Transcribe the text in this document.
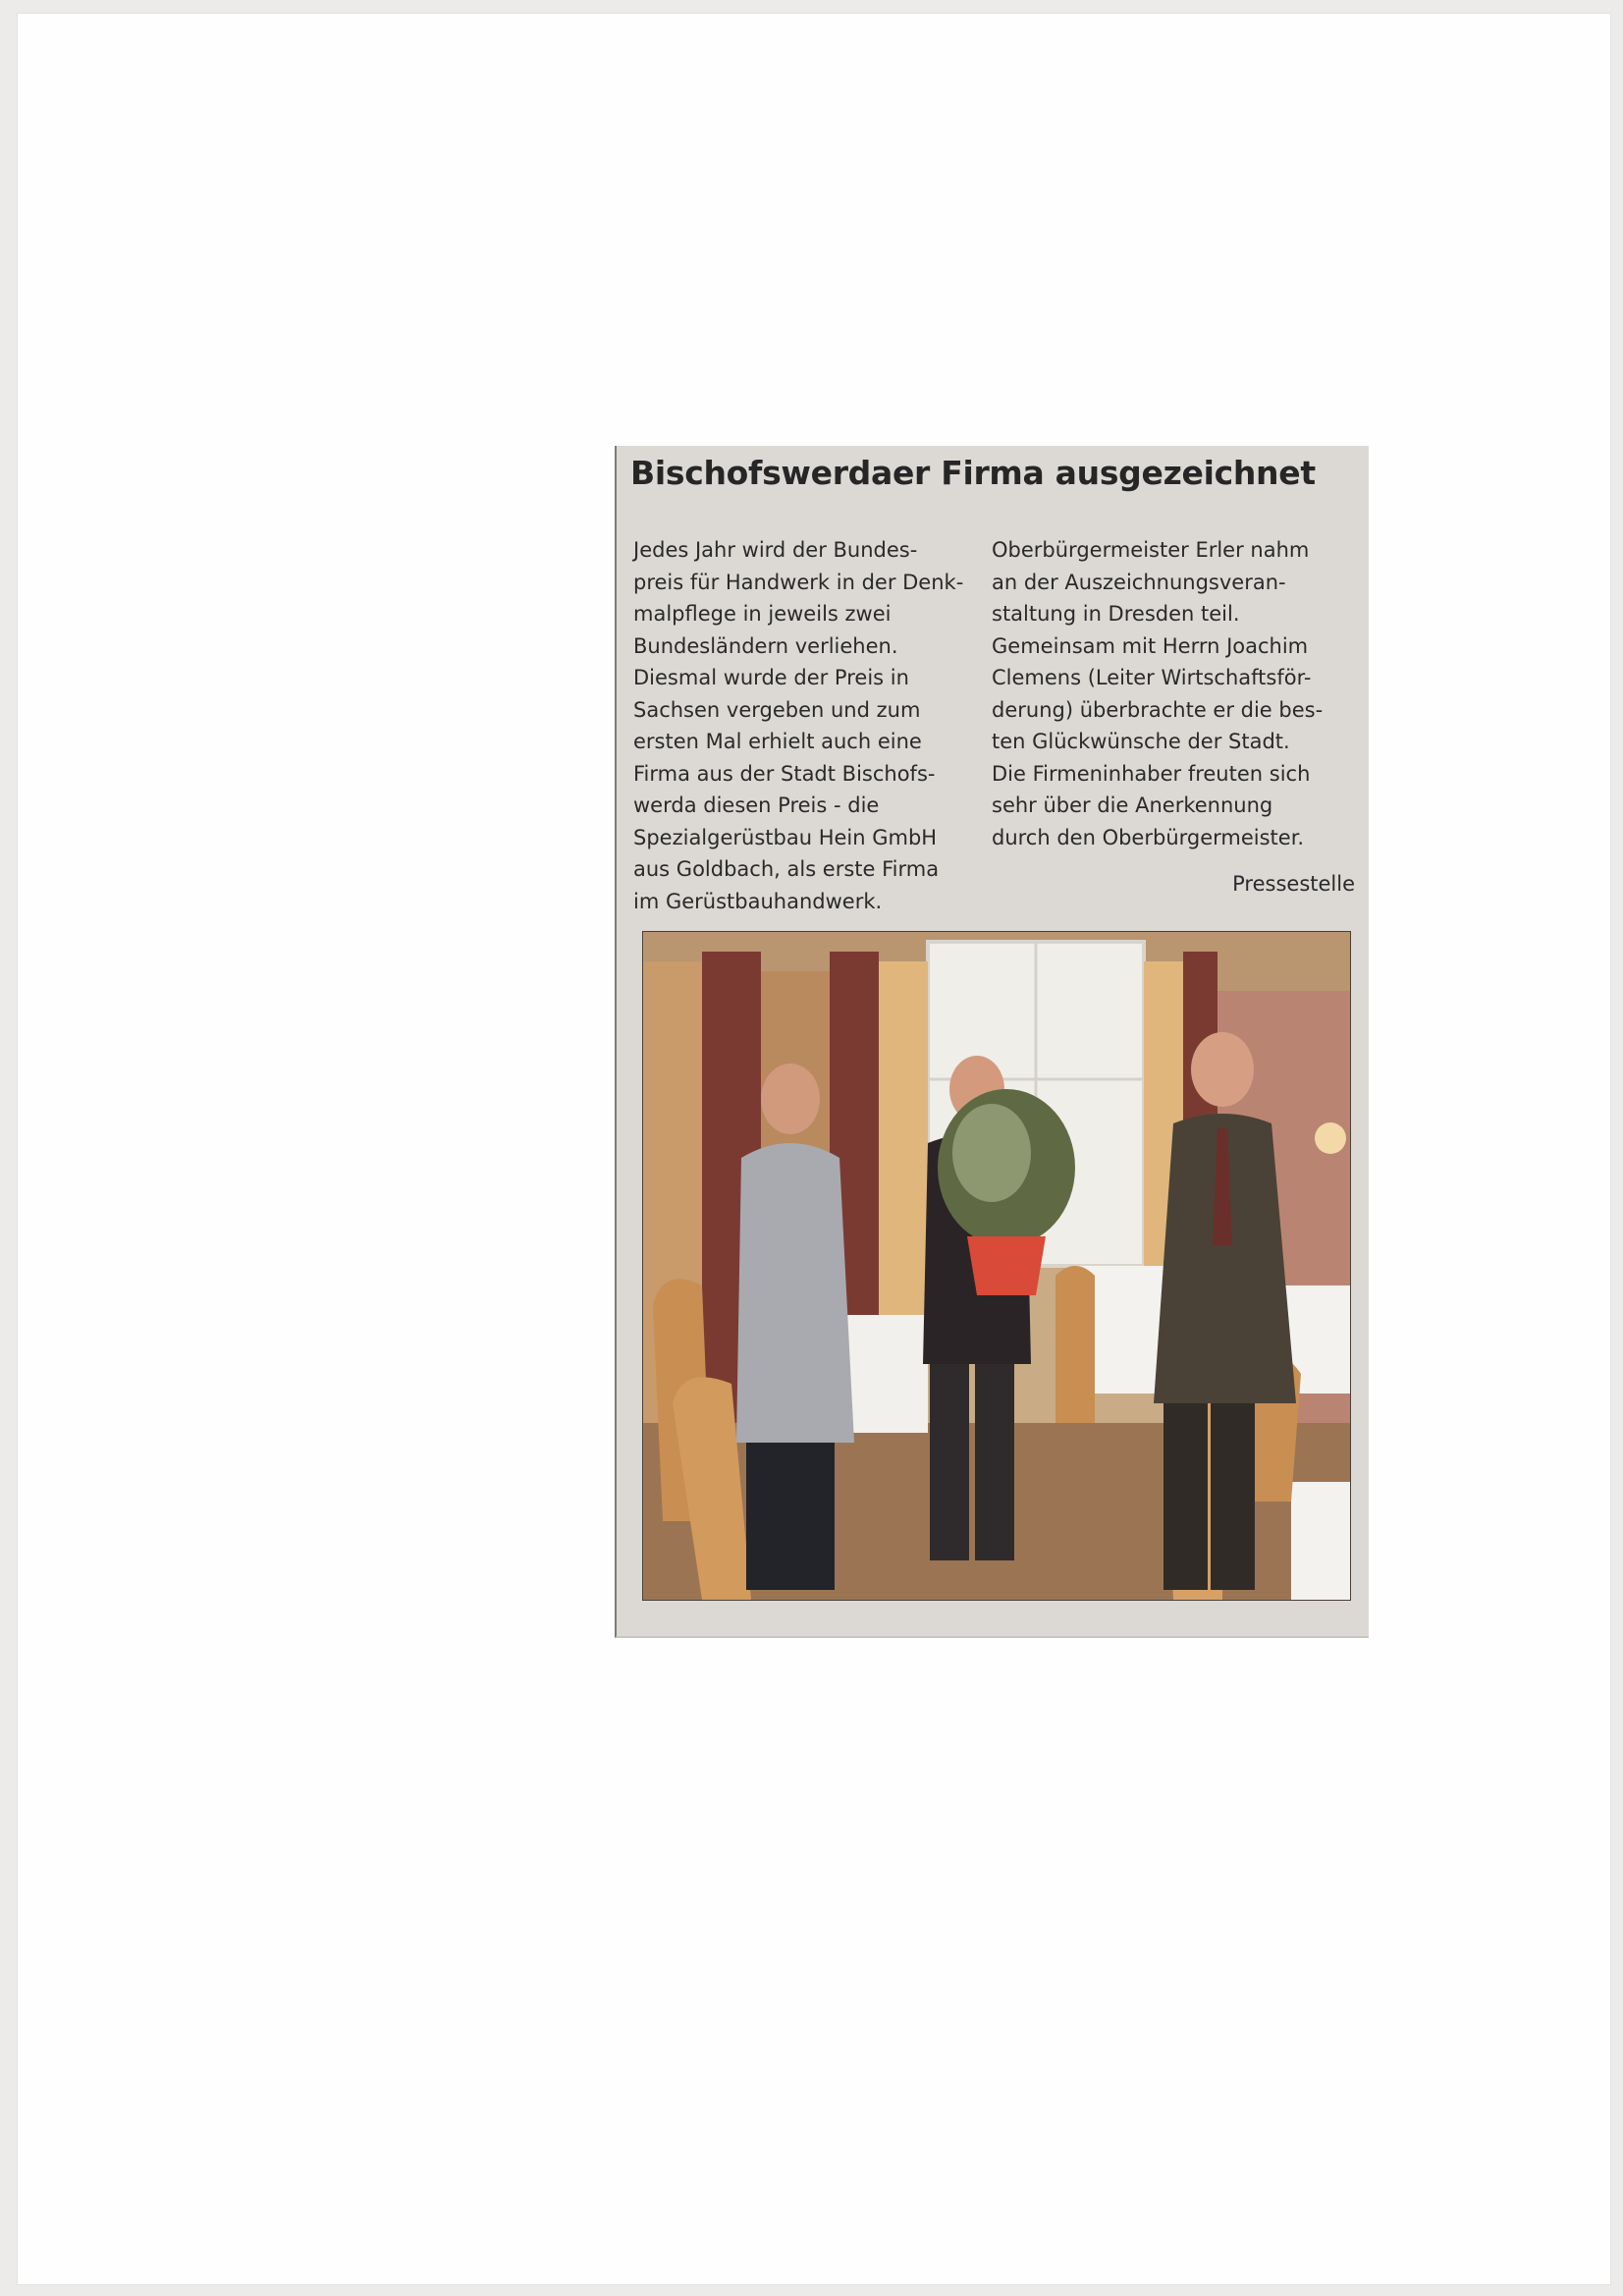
Bischofswerdaer Firma ausgezeichnet
Jedes Jahr wird der Bundes-
preis für Handwerk in der Denk-
malpflege in jeweils zwei
Bundesländern verliehen.
Diesmal wurde der Preis in
Sachsen vergeben und zum
ersten Mal erhielt auch eine
Firma aus der Stadt Bischofs-
werda diesen Preis - die
Spezialgerüstbau Hein GmbH
aus Goldbach, als erste Firma
im Gerüstbauhandwerk.
Oberbürgermeister Erler nahm
an der Auszeichnungsveran-
staltung in Dresden teil.
Gemeinsam mit Herrn Joachim
Clemens (Leiter Wirtschaftsför-
derung) überbrachte er die bes-
ten Glückwünsche der Stadt.
Die Firmeninhaber freuten sich
sehr über die Anerkennung
durch den Oberbürgermeister.
Pressestelle
